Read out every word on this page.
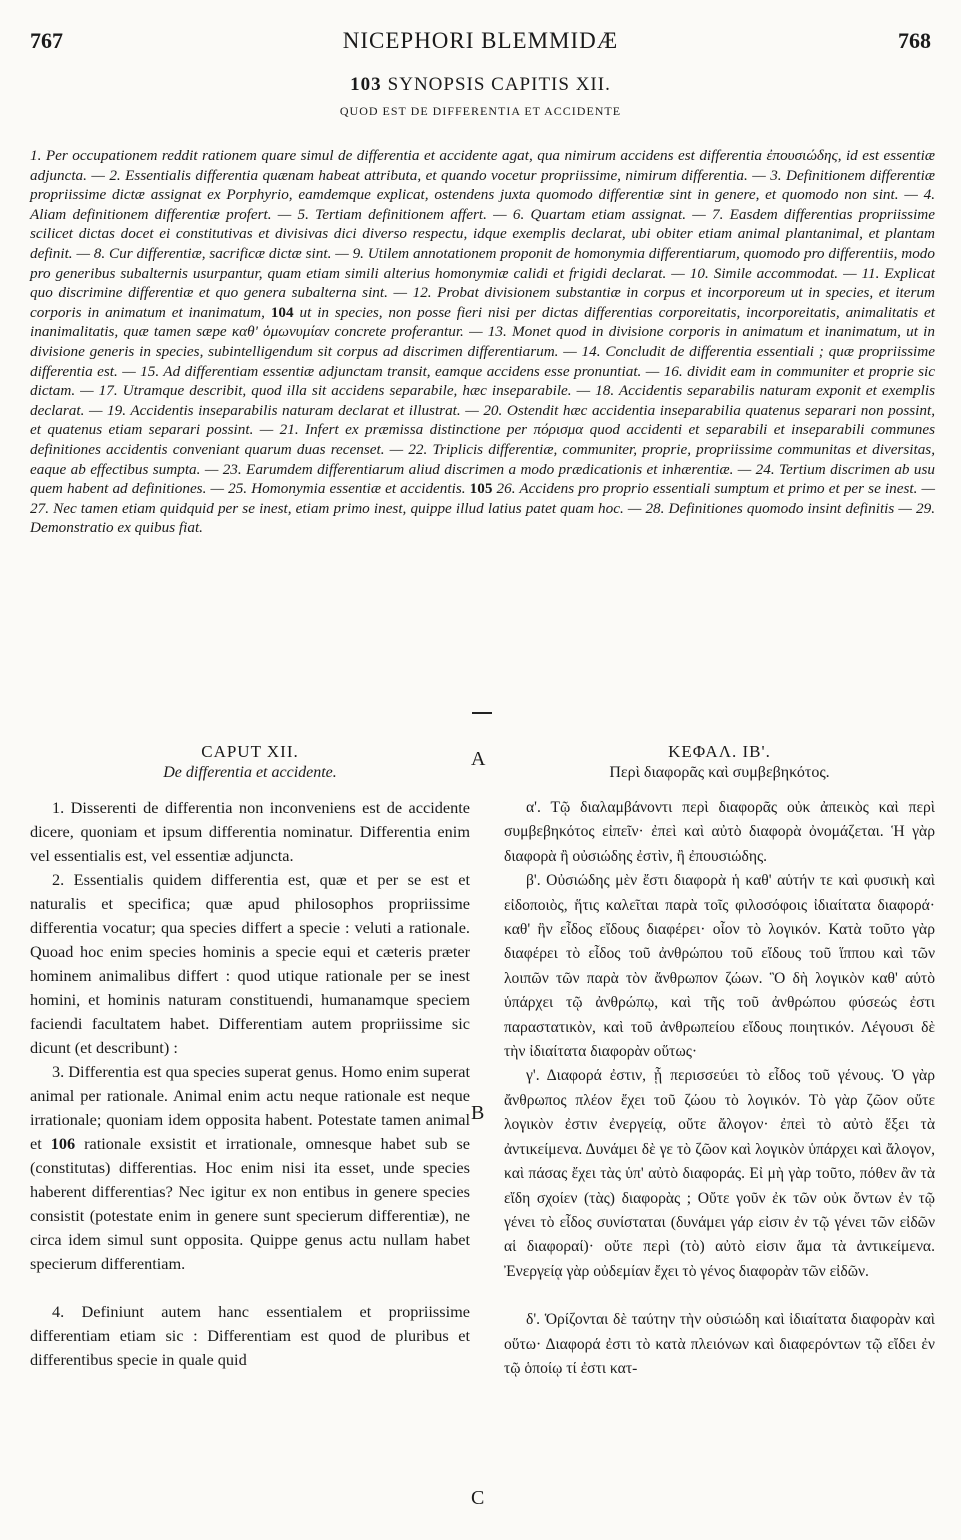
767	NICEPHORI BLEMMIDÆ	768
103 SYNOPSIS CAPITIS XII.
QUOD EST DE DIFFERENTIA ET ACCIDENTE
1. Per occupationem reddit rationem quare simul de differentia et accidente agat, qua nimirum accidens est differentia ἐπουσιώδης, id est essentiæ adjuncta. — 2. Essentialis differentia quænam habeat attributa, et quando vocetur propriissime, nimirum differentia. — 3. Definitionem differentiæ propriissime dictæ assignat ex Porphyrio, eamdemque explicat, ostendens juxta quomodo differentiæ sint in genere, et quomodo non sint. — 4. Aliam definitionem differentiæ profert. — 5. Tertiam definitionem affert. — 6. Quartam etiam assignat. — 7. Easdem differentias propriissime scilicet dictas docet ei constitutivas et divisivas dici diverso respectu, idque exemplis declarat, ubi obiter etiam animal plantanimal, et plantam definit. — 8. Cur differentiæ, sacrificæ dictæ sint. — 9. Utilem annotationem proponit de homonymia differentiarum, quomodo pro differentiis, modo pro generibus subalternis usurpantur, quam etiam simili alterius homonymiæ calidi et frigidi declarat. — 10. Simile accommodat. — 11. Explicat quo discrimine differentiæ et quo genera subalterna sint. — 12. Probat divisionem substantiæ in corpus et incorporeum ut in species, et iterum corporis in animatum et inanimatum, 104 ut in species, non posse fieri nisi per dictas differentias corporeitatis, incorporeitatis, animalitatis et inanimalitatis, quæ tamen sæpe καθ' ὁμωνυμίαν concrete proferantur. — 13. Monet quod in divisione corporis in animatum et inanimatum, ut in divisione generis in species, subintelligendum sit corpus ad discrimen differentiarum. — 14. Concludit de differentia essentiali ; quæ propriissime differentia est. — 15. Ad differentiam essentiæ adjunctam transit, eamque accidens esse pronuntiat. — 16. dividit eam in communiter et proprie sic dictam. — 17. Utramque describit, quod illa sit accidens separabile, hæc inseparabile. — 18. Accidentis separabilis naturam exponit et exemplis declarat. — 19. Accidentis inseparabilis naturam declarat et illustrat. — 20. Ostendit hæc accidentia inseparabilia quatenus separari non possint, et quatenus etiam separari possint. — 21. Infert ex præmissa distinctione per πόρισμα quod accidenti et separabili et inseparabili communes definitiones accidentis conveniant quarum duas recenset. — 22. Triplicis differentiæ, communiter, proprie, propriissime communitas et diversitas, eaque ab effectibus sumpta. — 23. Earumdem differentiarum aliud discrimen a modo prædicationis et inhærentiæ. — 24. Tertium discrimen ab usu quem habent ad definitiones. — 25. Homonymia essentiæ et accidentis. 105 26. Accidens pro proprio essentiali sumptum et primo et per se inest. — 27. Nec tamen etiam quidquid per se inest, etiam primo inest, quippe illud latius patet quam hoc. — 28. Definitiones quomodo insint definitis — 29. Demonstratio ex quibus fiat.
CAPUT XII.
De differentia et accidente.

1. Disserenti de differentia non inconveniens est de accidente dicere, quoniam et ipsum differentia nominatur. Differentia enim vel essentialis est, vel essentiæ adjuncta.

2. Essentialis quidem differentia est, quæ et per se est et naturalis et specifica; quæ apud philosophos propriissime differentia vocatur; qua species differt a specie : veluti a rationale. Quoad hoc enim species hominis a specie equi et cæteris præter hominem animalibus differt : quod utique rationale per se inest homini, et hominis naturam constituendi, humanamque speciem faciendi facultatem habet. Differentiam autem propriissime sic dicunt (et describunt) :

3. Differentia est qua species superat genus. Homo enim superat animal per rationale. Animal enim actu neque rationale est neque irrationale; quoniam idem opposita habent. Potestate tamen animal et 106 rationale exsistit et irrationale, omnesque habet sub se (constitutas) differentias. Hoc enim nisi ita esset, unde species haberent differentias? Nec igitur ex non entibus in genere species consistit (potestate enim in genere sunt specierum differentiæ), ne circa idem simul sunt opposita. Quippe genus actu nullam habet specierum differentiam.

4. Definiunt autem hanc essentialem et propriissime differentiam etiam sic : Differentiam est quod de pluribus et differentibus specie in quale quid

A
B
C
ΚΕΦΑΛ. ΙΒ'.
Περὶ διαφορᾶς καὶ συμβεβηκότος.

α'. Τῷ διαλαμβάνοντι περὶ διαφορᾶς οὐκ ἀπεικὸς καὶ περὶ συμβεβηκότος εἰπεῖν· ἐπεὶ καὶ αὐτὸ διαφορὰ ὀνομάζεται. Ἡ γὰρ διαφορὰ ἢ οὐσιώδης ἐστὶν, ἢ ἐπουσιώδης.

β'. Οὐσιώδης μὲν ἔστι διαφορὰ ἡ καθ' αὑτήν τε καὶ φυσικὴ καὶ εἰδοποιὸς, ἥτις καλεῖται παρὰ τοῖς φιλοσόφοις ἰδιαίτατα διαφορά· καθ' ἣν εἶδος εἴδους διαφέρει· οἷον τὸ λογικόν. Κατὰ τοῦτο γὰρ διαφέρει τὸ εἶδος τοῦ ἀνθρώπου τοῦ εἴδους τοῦ ἵππου καὶ τῶν λοιπῶν τῶν παρὰ τὸν ἄνθρωπον ζώων. Ὃ δὴ λογικὸν καθ' αὑτὸ ὑπάρχει τῷ ἀνθρώπῳ, καὶ τῆς τοῦ ἀνθρώπου φύσεώς ἐστι παραστατικὸν, καὶ τοῦ ἀνθρωπείου εἴδους ποιητικόν. Λέγουσι δὲ τὴν ἰδιαίτατα διαφορὰν οὕτως·

γ'. Διαφορά ἐστιν, ᾗ περισσεύει τὸ εἶδος τοῦ γένους. Ὁ γὰρ ἄνθρωπος πλέον ἔχει τοῦ ζώου τὸ λογικόν. Τὸ γὰρ ζῶον οὔτε λογικὸν ἐστιν ἐνεργείᾳ, οὔτε ἄλογον· ἐπεὶ τὸ αὐτὸ ἕξει τὰ ἀντικείμενα. Δυνάμει δὲ γε τὸ ζῶον καὶ λογικὸν ὑπάρχει καὶ ἄλογον, καὶ πάσας ἔχει τὰς ὑπ' αὐτὸ διαφοράς. Εἰ μὴ γὰρ τοῦτο, πόθεν ἂν τὰ εἴδη σχοίεν (τὰς) διαφορὰς ; Οὔτε γοῦν ἐκ τῶν οὐκ ὄντων ἐν τῷ γένει τὸ εἶδος συνίσταται (δυνάμει γάρ εἰσιν ἐν τῷ γένει τῶν εἰδῶν αἱ διαφοραί)· οὔτε περὶ (τὸ) αὐτὸ εἰσιν ἅμα τὰ ἀντικείμενα. Ἐνεργείᾳ γὰρ οὐδεμίαν ἔχει τὸ γένος διαφορὰν τῶν εἰδῶν.

δ'. Ὁρίζονται δὲ ταύτην τὴν οὐσιώδη καὶ ἰδιαίτατα διαφορὰν καὶ οὕτω· Διαφορά ἐστι τὸ κατὰ πλειόνων καὶ διαφερόντων τῷ εἴδει ἐν τῷ ὁποίῳ τί ἐστι κατ-
